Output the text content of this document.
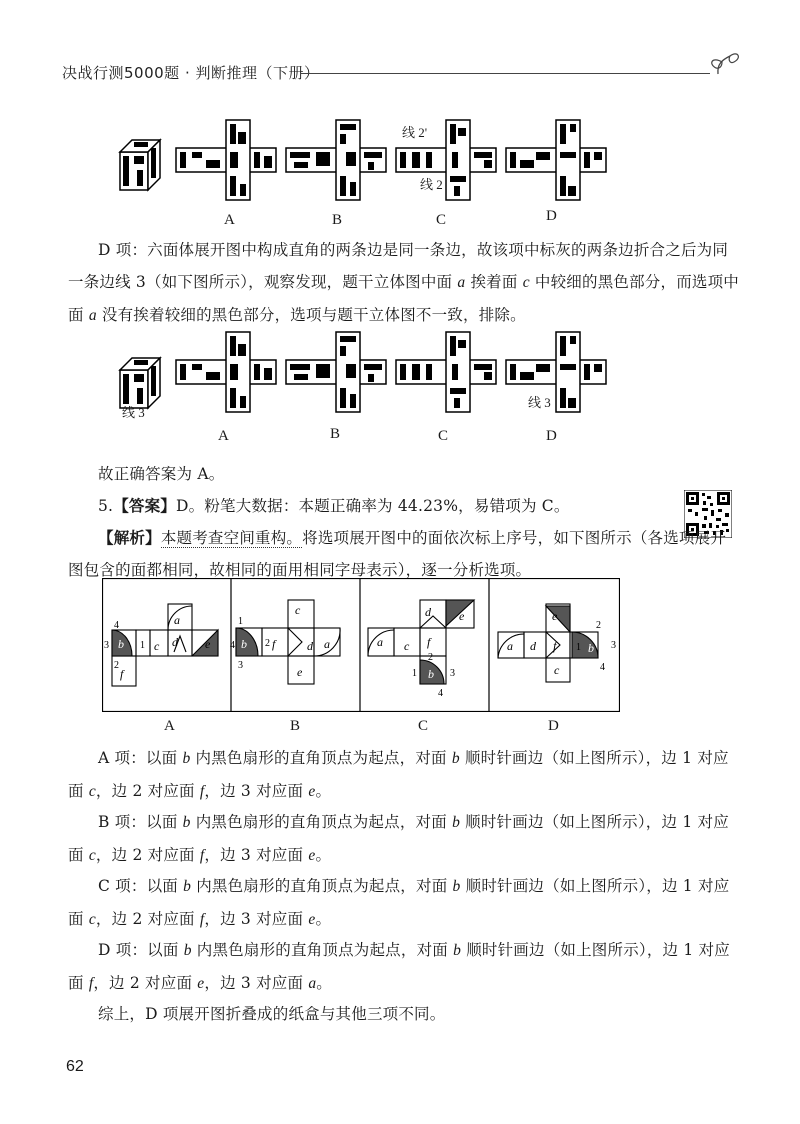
决战行测5000题 · 判断推理（下册）
线 2'
线 2
A	B	C	D
D 项：六面体展开图中构成直角的两条边是同一条边，故该项中标灰的两条边折合之后为同一条边线 3（如下图所示），观察发现，题干立体图中面 a 挨着面 c 中较细的黑色部分，而选项中面 a 没有挨着较细的黑色部分，选项与题干立体图不一致，排除。
线 3
线 3
A	B	C	D
故正确答案为 A。
5.【答案】D。粉笔大数据：本题正确率为 44.23%，易错项为 C。
【解析】本题考查空间重构。将选项展开图中的面依次标上序号，如下图所示（各选项展开图包含的面都相同，故相同的面用相同字母表示），逐一分析选项。
a
b	c d e
f
1
2
3
4
c
b f	d a
e
1
2
3
4
d e
a c f
b
1
2
3
4
e
a d f	b
c
1
2
3
4
A	B	C	D
A 项：以面 b 内黑色扇形的直角顶点为起点，对面 b 顺时针画边（如上图所示），边 1 对应面 c，边 2 对应面 f，边 3 对应面 e。
B 项：以面 b 内黑色扇形的直角顶点为起点，对面 b 顺时针画边（如上图所示），边 1 对应面 c，边 2 对应面 f，边 3 对应面 e。
C 项：以面 b 内黑色扇形的直角顶点为起点，对面 b 顺时针画边（如上图所示），边 1 对应面 c，边 2 对应面 f，边 3 对应面 e。
D 项：以面 b 内黑色扇形的直角顶点为起点，对面 b 顺时针画边（如上图所示），边 1 对应面 f，边 2 对应面 e，边 3 对应面 a。
综上，D 项展开图折叠成的纸盒与其他三项不同。
62
